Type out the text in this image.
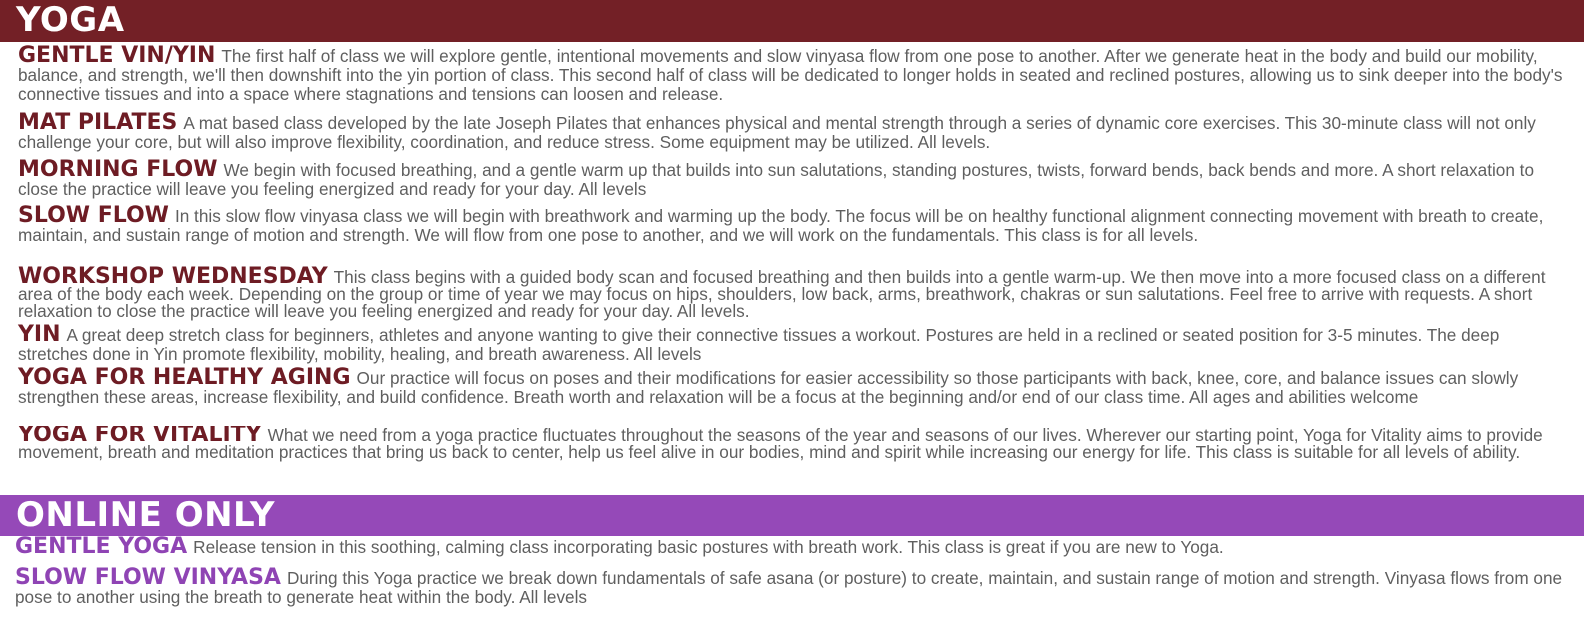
YOGA

GENTLE VIN/YIN The first half of class we will explore gentle, intentional movements and slow vinyasa flow from one pose to another. After we generate heat in the body and build our mobility, balance, and strength, we'll then downshift into the yin portion of class. This second half of class will be dedicated to longer holds in seated and reclined postures, allowing us to sink deeper into the body's connective tissues and into a space where stagnations and tensions can loosen and release.

MAT PILATES A mat based class developed by the late Joseph Pilates that enhances physical and mental strength through a series of dynamic core exercises. This 30-minute class will not only challenge your core, but will also improve flexibility, coordination, and reduce stress. Some equipment may be utilized. All levels.

MORNING FLOW We begin with focused breathing, and a gentle warm up that builds into sun salutations, standing postures, twists, forward bends, back bends and more. A short relaxation to close the practice will leave you feeling energized and ready for your day. All levels

SLOW FLOW In this slow flow vinyasa class we will begin with breathwork and warming up the body. The focus will be on healthy functional alignment connecting movement with breath to create, maintain, and sustain range of motion and strength. We will flow from one pose to another, and we will work on the fundamentals. This class is for all levels.

WORKSHOP WEDNESDAY This class begins with a guided body scan and focused breathing and then builds into a gentle warm-up. We then move into a more focused class on a different area of the body each week. Depending on the group or time of year we may focus on hips, shoulders, low back, arms, breathwork, chakras or sun salutations. Feel free to arrive with requests. A short relaxation to close the practice will leave you feeling energized and ready for your day. All levels.

YIN A great deep stretch class for beginners, athletes and anyone wanting to give their connective tissues a workout. Postures are held in a reclined or seated position for 3-5 minutes. The deep stretches done in Yin promote flexibility, mobility, healing, and breath awareness. All levels

YOGA FOR HEALTHY AGING Our practice will focus on poses and their modifications for easier accessibility so those participants with back, knee, core, and balance issues can slowly strengthen these areas, increase flexibility, and build confidence. Breath worth and relaxation will be a focus at the beginning and/or end of our class time. All ages and abilities welcome

YOGA FOR VITALITY What we need from a yoga practice fluctuates throughout the seasons of the year and seasons of our lives. Wherever our starting point, Yoga for Vitality aims to provide movement, breath and meditation practices that bring us back to center, help us feel alive in our bodies, mind and spirit while increasing our energy for life. This class is suitable for all levels of ability.

ONLINE ONLY

GENTLE YOGA Release tension in this soothing, calming class incorporating basic postures with breath work. This class is great if you are new to Yoga.

SLOW FLOW VINYASA During this Yoga practice we break down fundamentals of safe asana (or posture) to create, maintain, and sustain range of motion and strength. Vinyasa flows from one pose to another using the breath to generate heat within the body. All levels
